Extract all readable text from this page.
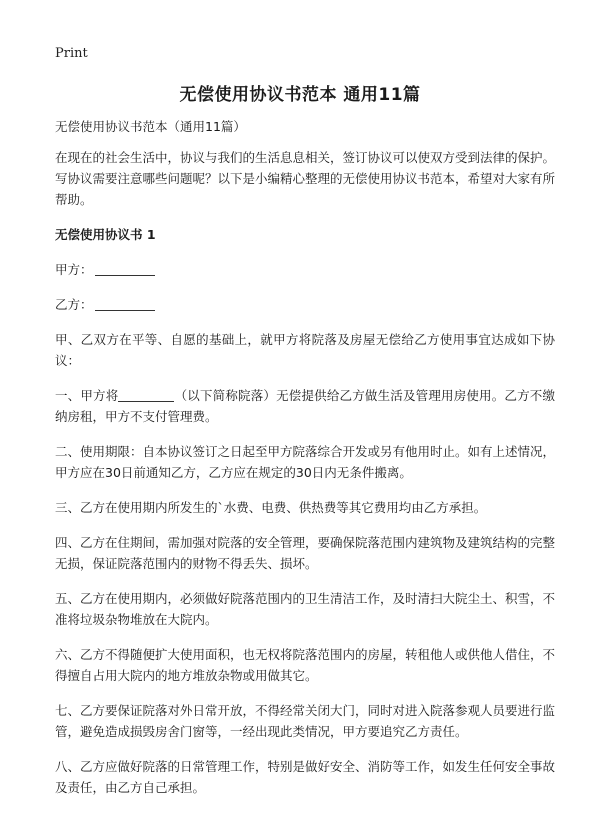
Print
无偿使用协议书范本 通用11篇

无偿使用协议书范本（通用11篇）

在现在的社会生活中，协议与我们的生活息息相关，签订协议可以使双方受到法律的保护。写协议需要注意哪些问题呢？以下是小编精心整理的无偿使用协议书范本，希望对大家有所帮助。

无偿使用协议书 1

甲方：

乙方：

甲、乙双方在平等、自愿的基础上，就甲方将院落及房屋无偿给乙方使用事宜达成如下协议：

一、甲方将	（以下简称院落）无偿提供给乙方做生活及管理用房使用。乙方不缴纳房租，甲方不支付管理费。

二、使用期限：自本协议签订之日起至甲方院落综合开发或另有他用时止。如有上述情况，甲方应在30日前通知乙方，乙方应在规定的30日内无条件搬离。

三、乙方在使用期内所发生的`水费、电费、供热费等其它费用均由乙方承担。

四、乙方在住期间，需加强对院落的安全管理，要确保院落范围内建筑物及建筑结构的完整无损，保证院落范围内的财物不得丢失、损坏。

五、乙方在使用期内，必须做好院落范围内的卫生清洁工作，及时清扫大院尘土、积雪，不准将垃圾杂物堆放在大院内。

六、乙方不得随便扩大使用面积，也无权将院落范围内的房屋，转租他人或供他人借住，不得擅自占用大院内的地方堆放杂物或用做其它。

七、乙方要保证院落对外日常开放，不得经常关闭大门，同时对进入院落参观人员要进行监管，避免造成损毁房舍门窗等，一经出现此类情况，甲方要追究乙方责任。

八、乙方应做好院落的日常管理工作，特别是做好安全、消防等工作，如发生任何安全事故及责任，由乙方自己承担。
